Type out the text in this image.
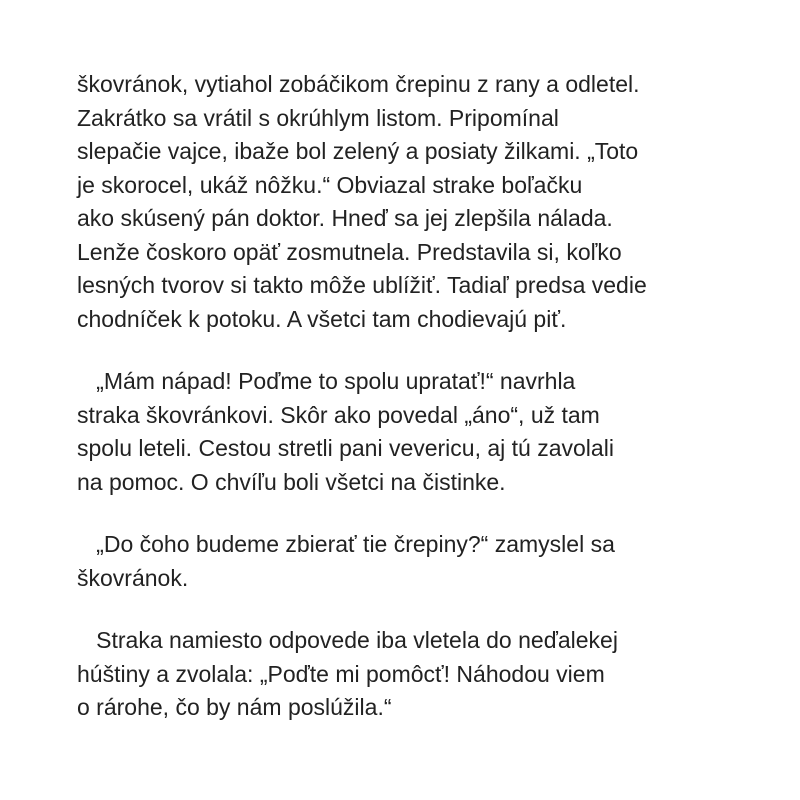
škovránok, vytiahol zobáčikom črepinu z rany a odletel.
Zakrátko sa vrátil s okrúhlym listom. Pripomínal
slepačie vajce, ibaže bol zelený a posiaty žilkami. „Toto
je skorocel, ukáž nôžku.“ Obviazal strake boľačku
ako skúsený pán doktor. Hneď sa jej zlepšila nálada.
Lenže čoskoro opäť zosmutnela. Predstavila si, koľko
lesných tvorov si takto môže ublížiť. Tadiaľ predsa vedie
chodníček k potoku. A všetci tam chodievajú piť.

„Mám nápad! Poďme to spolu upratať!“ navrhla
straka škovránkovi. Skôr ako povedal „áno“, už tam
spolu leteli. Cestou stretli pani vevericu, aj tú zavolali
na pomoc. O chvíľu boli všetci na čistinke.

„Do čoho budeme zbierať tie črepiny?“ zamyslel sa
škovránok.

Straka namiesto odpovede iba vletela do neďalekej
húštiny a zvolala: „Poďte mi pomôcť! Náhodou viem
o rárohe, čo by nám poslúžila.“
